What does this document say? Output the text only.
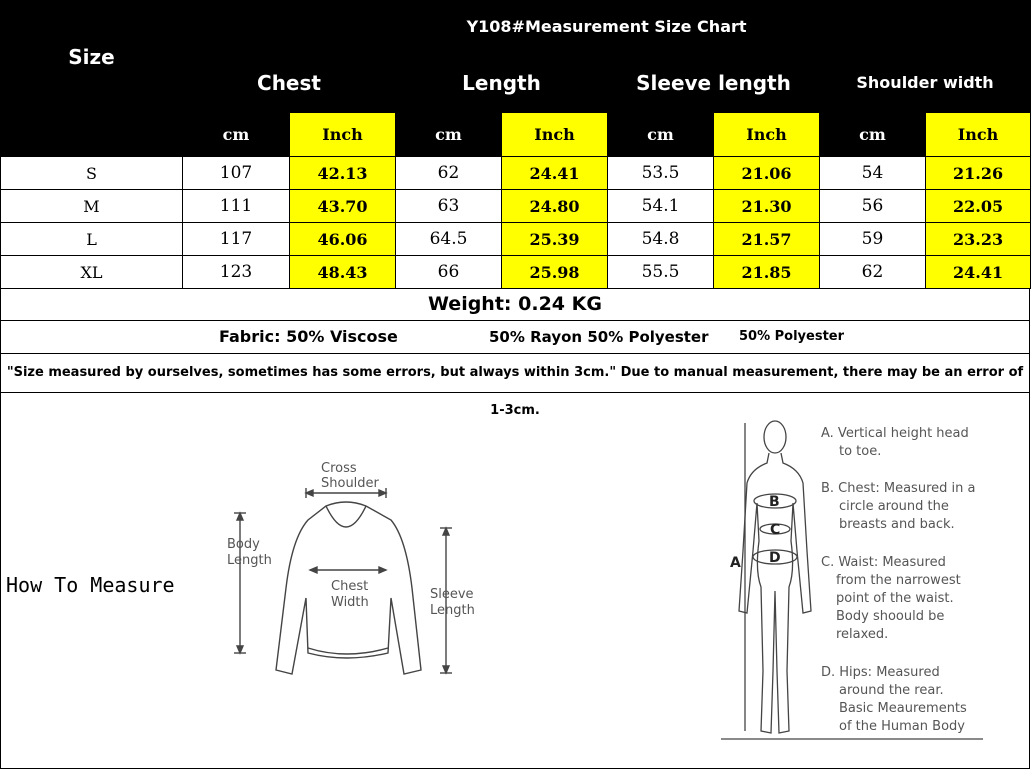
Size	Y108#Measurement Size Chart							
	Chest		Length		Sleeve length		Shoulder width	
	cm	Inch	cm	Inch	cm	Inch	cm	Inch
S	107	42.13	62	24.41	53.5	21.06	54	21.26
M	111	43.70	63	24.80	54.1	21.30	56	22.05
L	117	46.06	64.5	25.39	54.8	21.57	59	23.23
XL	123	48.43	66	25.98	55.5	21.85	62	24.41
Weight: 0.24 KG
Fabric: 50% Viscose	50% Rayon 50% Polyester 50% Polyester
"Size measured by ourselves, sometimes has some errors, but always within 3cm." Due to manual measurement, there may be an error of 1-3cm.
How To Measure
Cross
Shoulder
Body
Length
Chest
Width
Sleeve
Length
B
C
D
A
A. Vertical height head
to toe.
B. Chest: Measured in a
circle around the
breasts and back.
C. Waist: Measured
from the narrowest
point of the waist.
Body shoould be
relaxed.
D. Hips: Measured
around the rear.
Basic Meaurements
of the Human Body
